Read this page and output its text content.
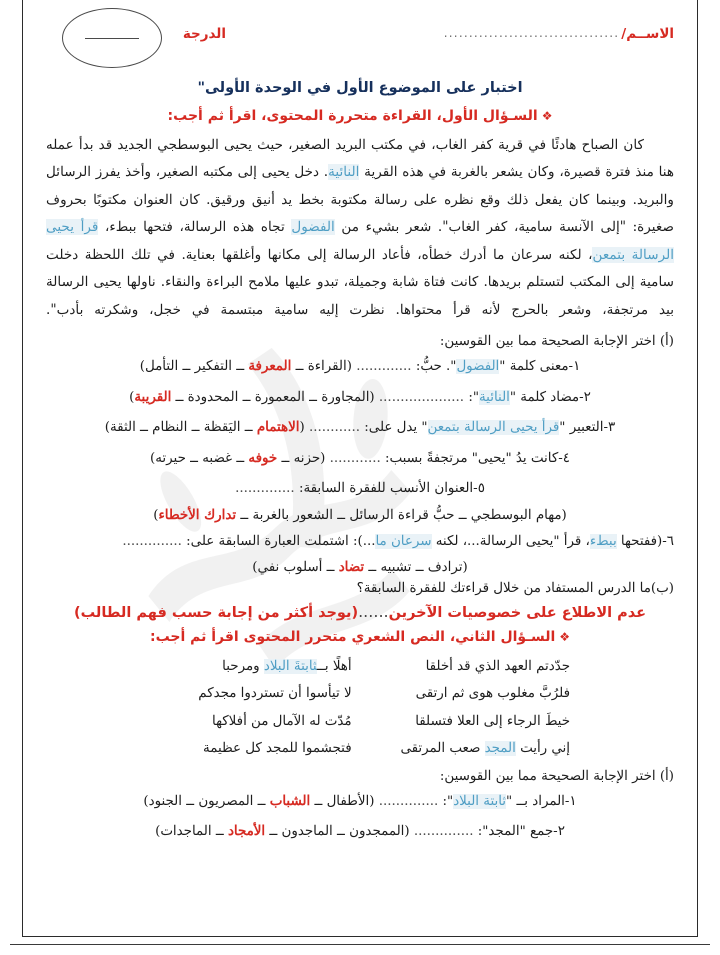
الاســم/
...................................
الدرجة
اختبار على الموضوع الأول في الوحدة الأولى"
❖السـؤال الأول، القراءة متحررة المحتوى، اقرأ ثم أجب:

كان الصباح هادئًا في قرية كفر الغاب، في مكتب البريد الصغير، حيث يحيى البوسطجي الجديد قد بدأ عمله هنا منذ فترة قصيرة، وكان يشعر بالغربة في هذه القرية النائية. دخل يحيى إلى مكتبه الصغير، وأخذ يفرز الرسائل والبريد. وبينما كان يفعل ذلك وقع نظره على رسالة مكتوبة بخط يد أنيق ورقيق. كان العنوان مكتوبًا بحروف صغيرة: "إلى الآنسة سامية، كفر الغاب". شعر بشيء من الفضول تجاه هذه الرسالة، فتحها ببطء، قرأ يحيى الرسالة بتمعن، لكنه سرعان ما أدرك خطأه، فأعاد الرسالة إلى مكانها وأغلقها بعناية. في تلك اللحظة دخلت سامية إلى المكتب لتستلم بريدها. كانت فتاة شابة وجميلة، تبدو عليها ملامح البراءة والنقاء. ناولها يحيى الرسالة بيد مرتجفة، وشعر بالحرج لأنه قرأ محتواها. نظرت إليه سامية مبتسمة في خجل، وشكرته بأدب".

(أ) اختر الإجابة الصحيحة مما بين القوسين:
١-معنى كلمة "الفضول". حبُّ: ............. (القراءة ــ المعرفة ــ التفكير ــ التأمل)
٢-مضاد كلمة "النائية": .................... (المجاورة ــ المعمورة ــ المحدودة ــ القريبة)
٣-التعبير "قرأ يحيى الرسالة بتمعن" يدل على: ............ (الاهتمام ــ اليَقظة ــ النظام ــ الثقة)
٤-كانت يدُ "يحيى" مرتجفةً بسبب: ............ (حزنه ــ خوفه ــ غضبه ــ حيرته)
٥-العنوان الأنسب للفقرة السابقة: ..............
(مهام البوسطجي ــ حبُّ قراءة الرسائل ــ الشعور بالغربة ــ تدارك الأخطاء)
٦-(ففتحها ببطء، قرأ "يحيى الرسالة...، لكنه سرعان ما...): اشتملت العبارة السابقة على: ..............
(ترادف ــ تشبيه ــ تضاد ــ أسلوب نفي)
(ب)ما الدرس المستفاد من خلال قراءتك للفقرة السابقة؟
عدم الاطلاع على خصوصيات الآخرين......(يوجد أكثر من إجابة حسب فهم الطالب)
❖السـؤال الثاني، النص الشعري متحرر المحتوى اقرأ ثم أجب:
جدّدتم العهد الذي قد أخلقا
أهلًا بــثابتةَ البلاد ومرحبا
فلرُبَّ مغلوب هوى ثم ارتقى
لا تيأسوا أن تستردوا مجدكم
خيطَ الرجاء إلى العلا فتسلقا
مُدّت له الآمال من أفلاكها
إني رأيت المجد صعب المرتقى
فتجشموا للمجد كل عظيمة
(أ) اختر الإجابة الصحيحة مما بين القوسين:
١-المراد بــ "ثابتة البلاد": .............. (الأطفال ــ الشباب ــ المصريون ــ الجنود)
٢-جمع "المجد": .............. (الممجدون ــ الماجدون ــ الأمجاد ــ الماجدات)
